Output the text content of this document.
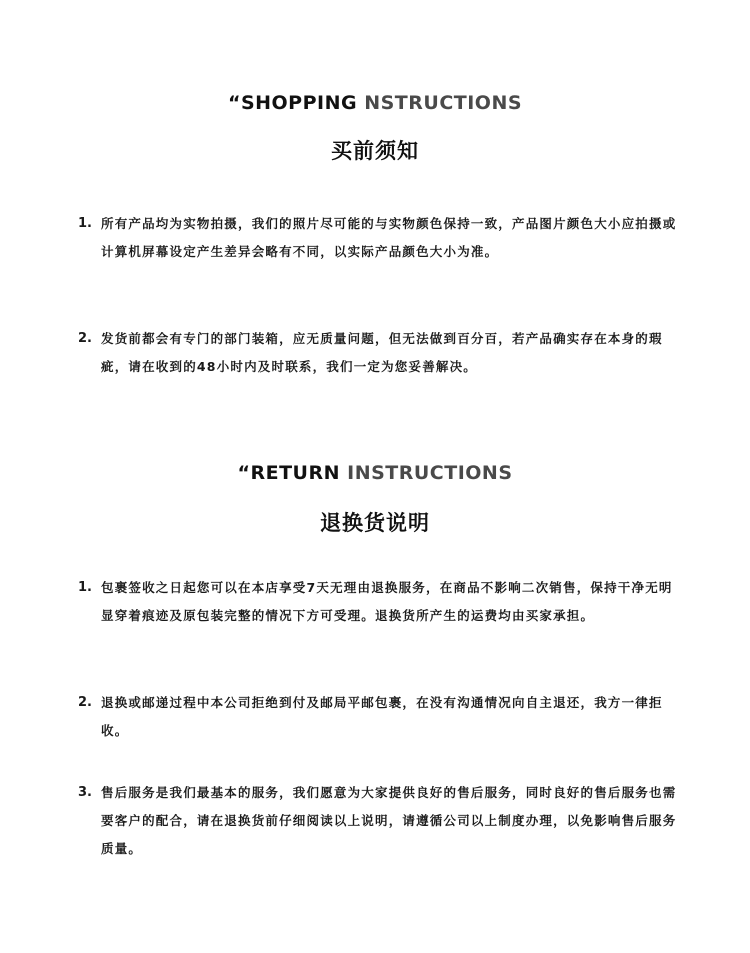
“SHOPPING NSTRUCTIONS
买前须知
1. 所有产品均为实物拍摄，我们的照片尽可能的与实物颜色保持一致，产品图片颜色大小应拍摄或计算机屏幕设定产生差异会略有不同，以实际产品颜色大小为准。
2. 发货前都会有专门的部门装箱，应无质量问题，但无法做到百分百，若产品确实存在本身的瑕疵，请在收到的48小时内及时联系，我们一定为您妥善解决。
“RETURN INSTRUCTIONS
退换货说明
1. 包裹签收之日起您可以在本店享受7天无理由退换服务，在商品不影响二次销售，保持干净无明显穿着痕迹及原包装完整的情况下方可受理。退换货所产生的运费均由买家承担。
2. 退换或邮递过程中本公司拒绝到付及邮局平邮包裹，在没有沟通情况向自主退还，我方一律拒收。
3. 售后服务是我们最基本的服务，我们愿意为大家提供良好的售后服务，同时良好的售后服务也需要客户的配合，请在退换货前仔细阅读以上说明，请遵循公司以上制度办理，以免影响售后服务质量。
